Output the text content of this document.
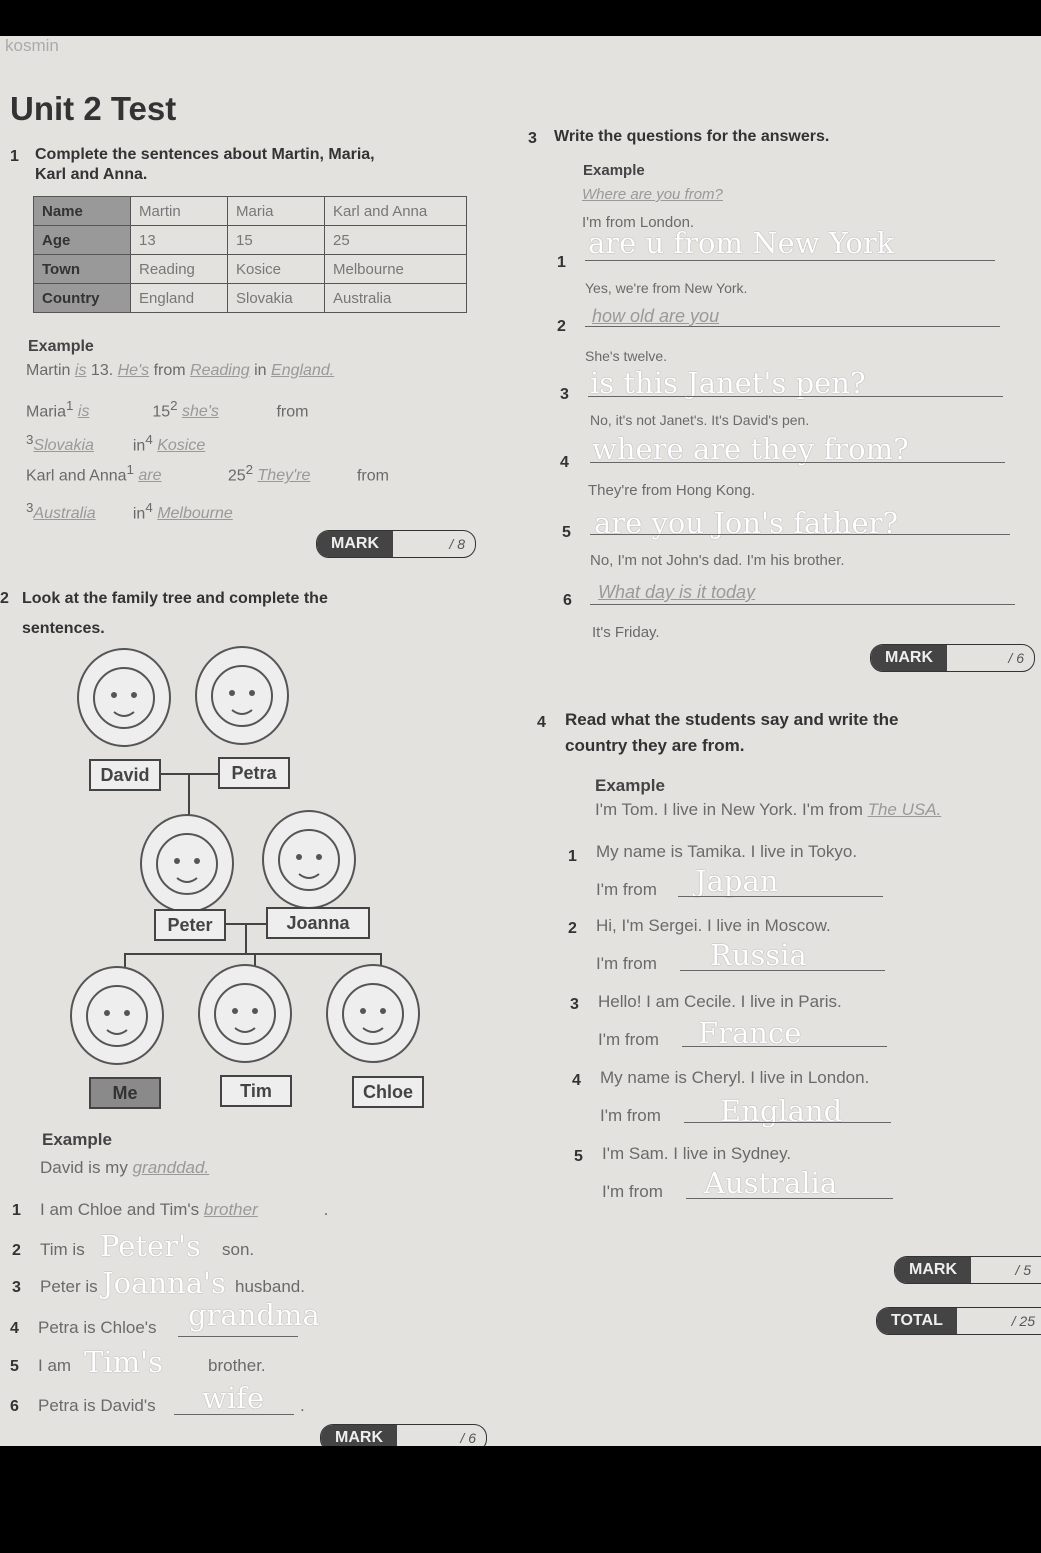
kosmin
Unit 2 Test
1 Complete the sentences about Martin, Maria,
Karl and Anna.
Name	Martin	Maria	Karl and Anna
Age	13	15	25
Town	Reading	Kosice	Melbourne
Country	England	Slovakia	Australia
Example
Martin is 13. He's from Reading in England.
Maria$^1$ is	$15^2$ she's	from
$^3$Slovakia $in^4$ Kosice
Karl and Anna$^1$ are	$25^2$ They're	from
$^3$Australia $in^4$ Melbourne
MARK	/ 8
2 Look at the family tree and complete the
sentences.
David	Petra
Peter	Joanna
Me	Tim	Chloe
Example
David is my granddad.
1 I am Chloe and Tim's brother	.
2 Tim is Peter's son.
3 Peter is Joanna's husband.
4 Petra is Chloe's grandma
5 I am Tim's	brother.
6 Petra is David's wife .
MARK	/ 6
3 Write the questions for the answers.
Example
Where are you from?
I'm from London.
1
are u from New York
Yes, we're from New York.
2
how old are you
She's twelve.
3 is this Janet's pen?
No, it's not Janet's. It's David's pen.
4 where are they from?
They're from Hong Kong.
5 are you Jon's father?
No, I'm not John's dad. I'm his brother.
6 What day is it today
It's Friday.
MARK	/ 6
4 Read what the students say and write the
country they are from.
Example
I'm Tom. I live in New York. I'm from The USA.
1 My name is Tamika. I live in Tokyo.
I'm from Japan
2 Hi, I'm Sergei. I live in Moscow.
I'm from Russia
3 Hello! I am Cecile. I live in Paris.
I'm from France
4 My name is Cheryl. I live in London.
I'm from England
5 I'm Sam. I live in Sydney.
I'm from Australia
MARK	/ 5
TOTAL	/ 25
